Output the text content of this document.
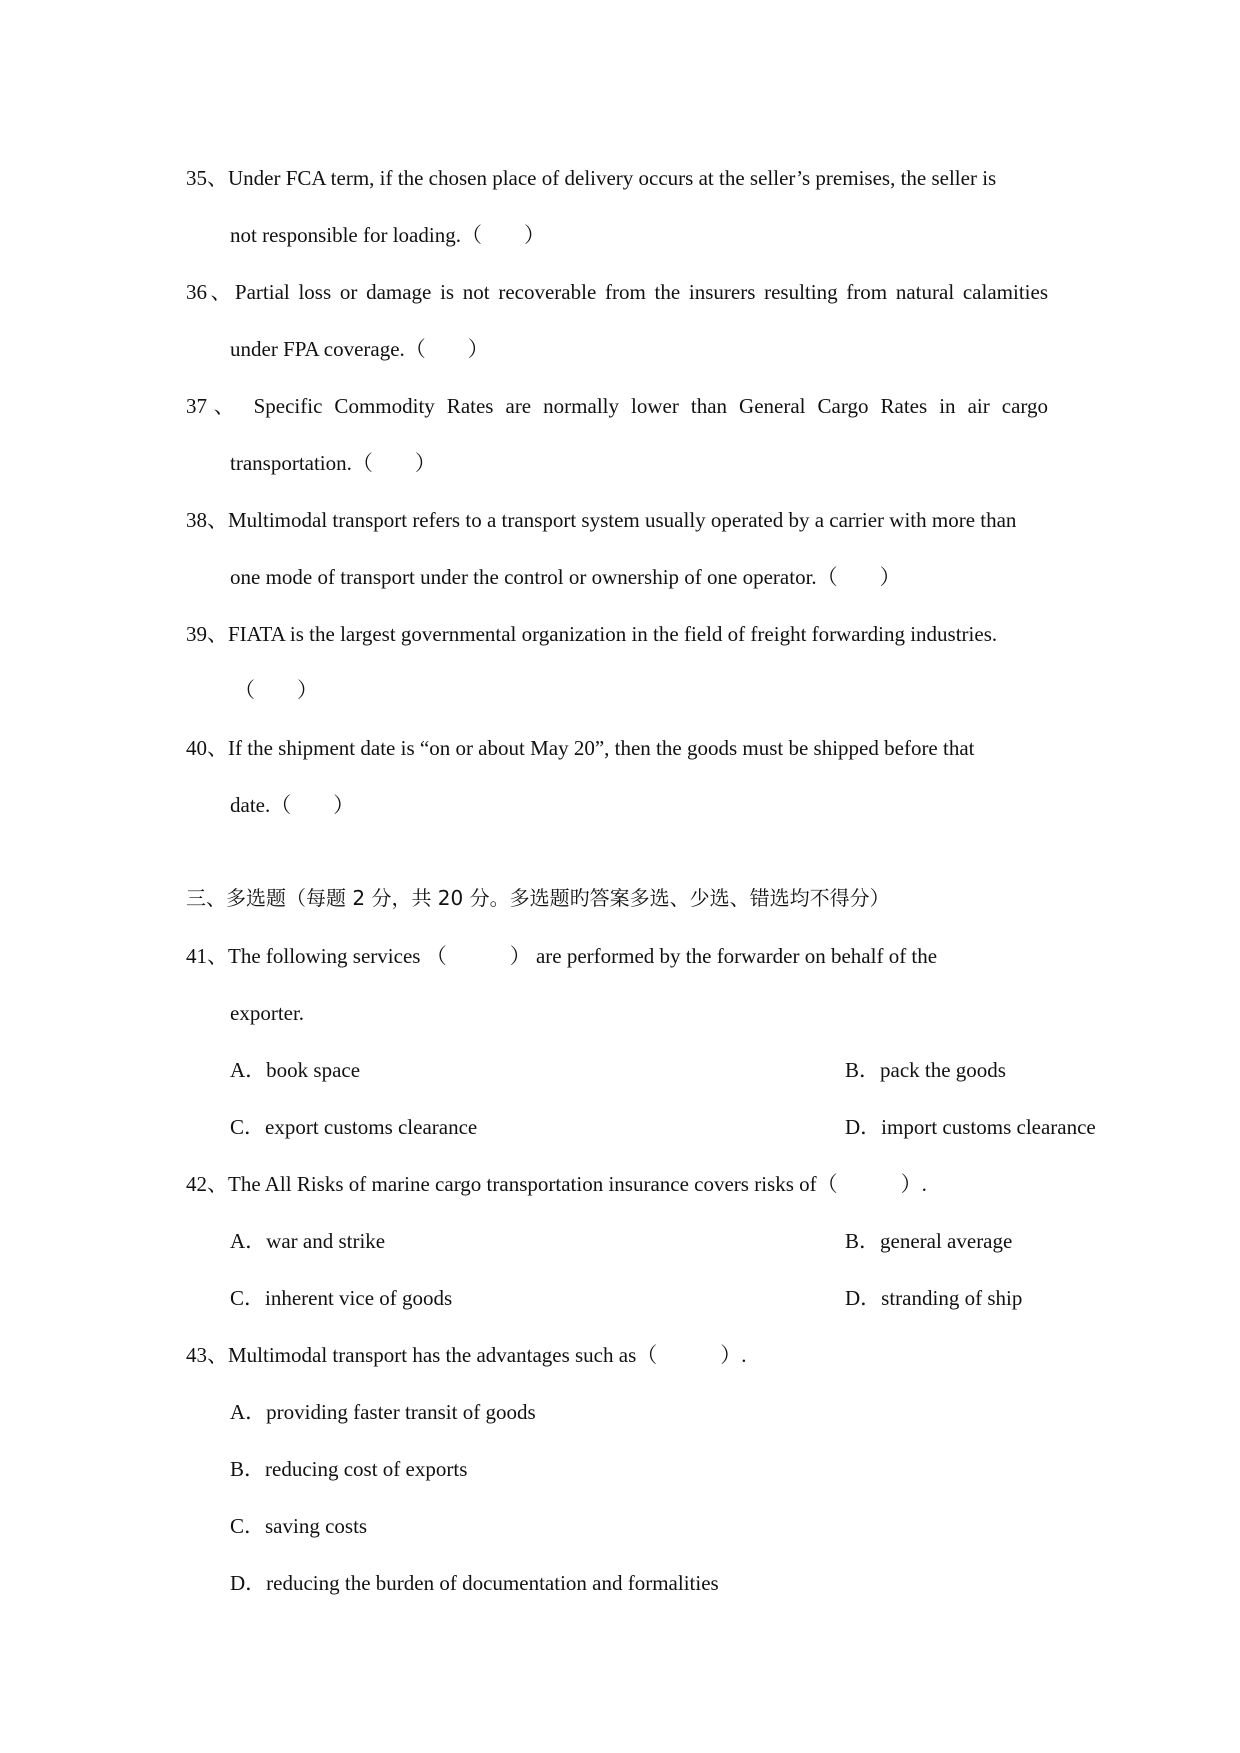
35、Under FCA term, if the chosen place of delivery occurs at the seller’s premises, the seller is
not responsible for loading.（　　）
36、Partial loss or damage is not recoverable from the insurers resulting from natural calamities
under FPA coverage.（　　）
37、 Specific Commodity Rates are normally lower than General Cargo Rates in air cargo
transportation.（　　）
38、Multimodal transport refers to a transport system usually operated by a carrier with more than
one mode of transport under the control or ownership of one operator.（　　）
39、FIATA is the largest governmental organization in the field of freight forwarding industries.
（　　）
40、If the shipment date is “on or about May 20”, then the goods must be shipped before that
date.（　　）
三、多选题（每题 2 分，共 20 分。多选题旳答案多选、少选、错选均不得分）
41、The following services （　　　） are performed by the forwarder on behalf of the
exporter.
A．book space	B．pack the goods
C．export customs clearance	D．import customs clearance
42、The All Risks of marine cargo transportation insurance covers risks of（　　　）.
A．war and strike	B．general average
C．inherent vice of goods	D．stranding of ship
43、Multimodal transport has the advantages such as（　　　）.
A．providing faster transit of goods
B．reducing cost of exports
C．saving costs
D．reducing the burden of documentation and formalities
